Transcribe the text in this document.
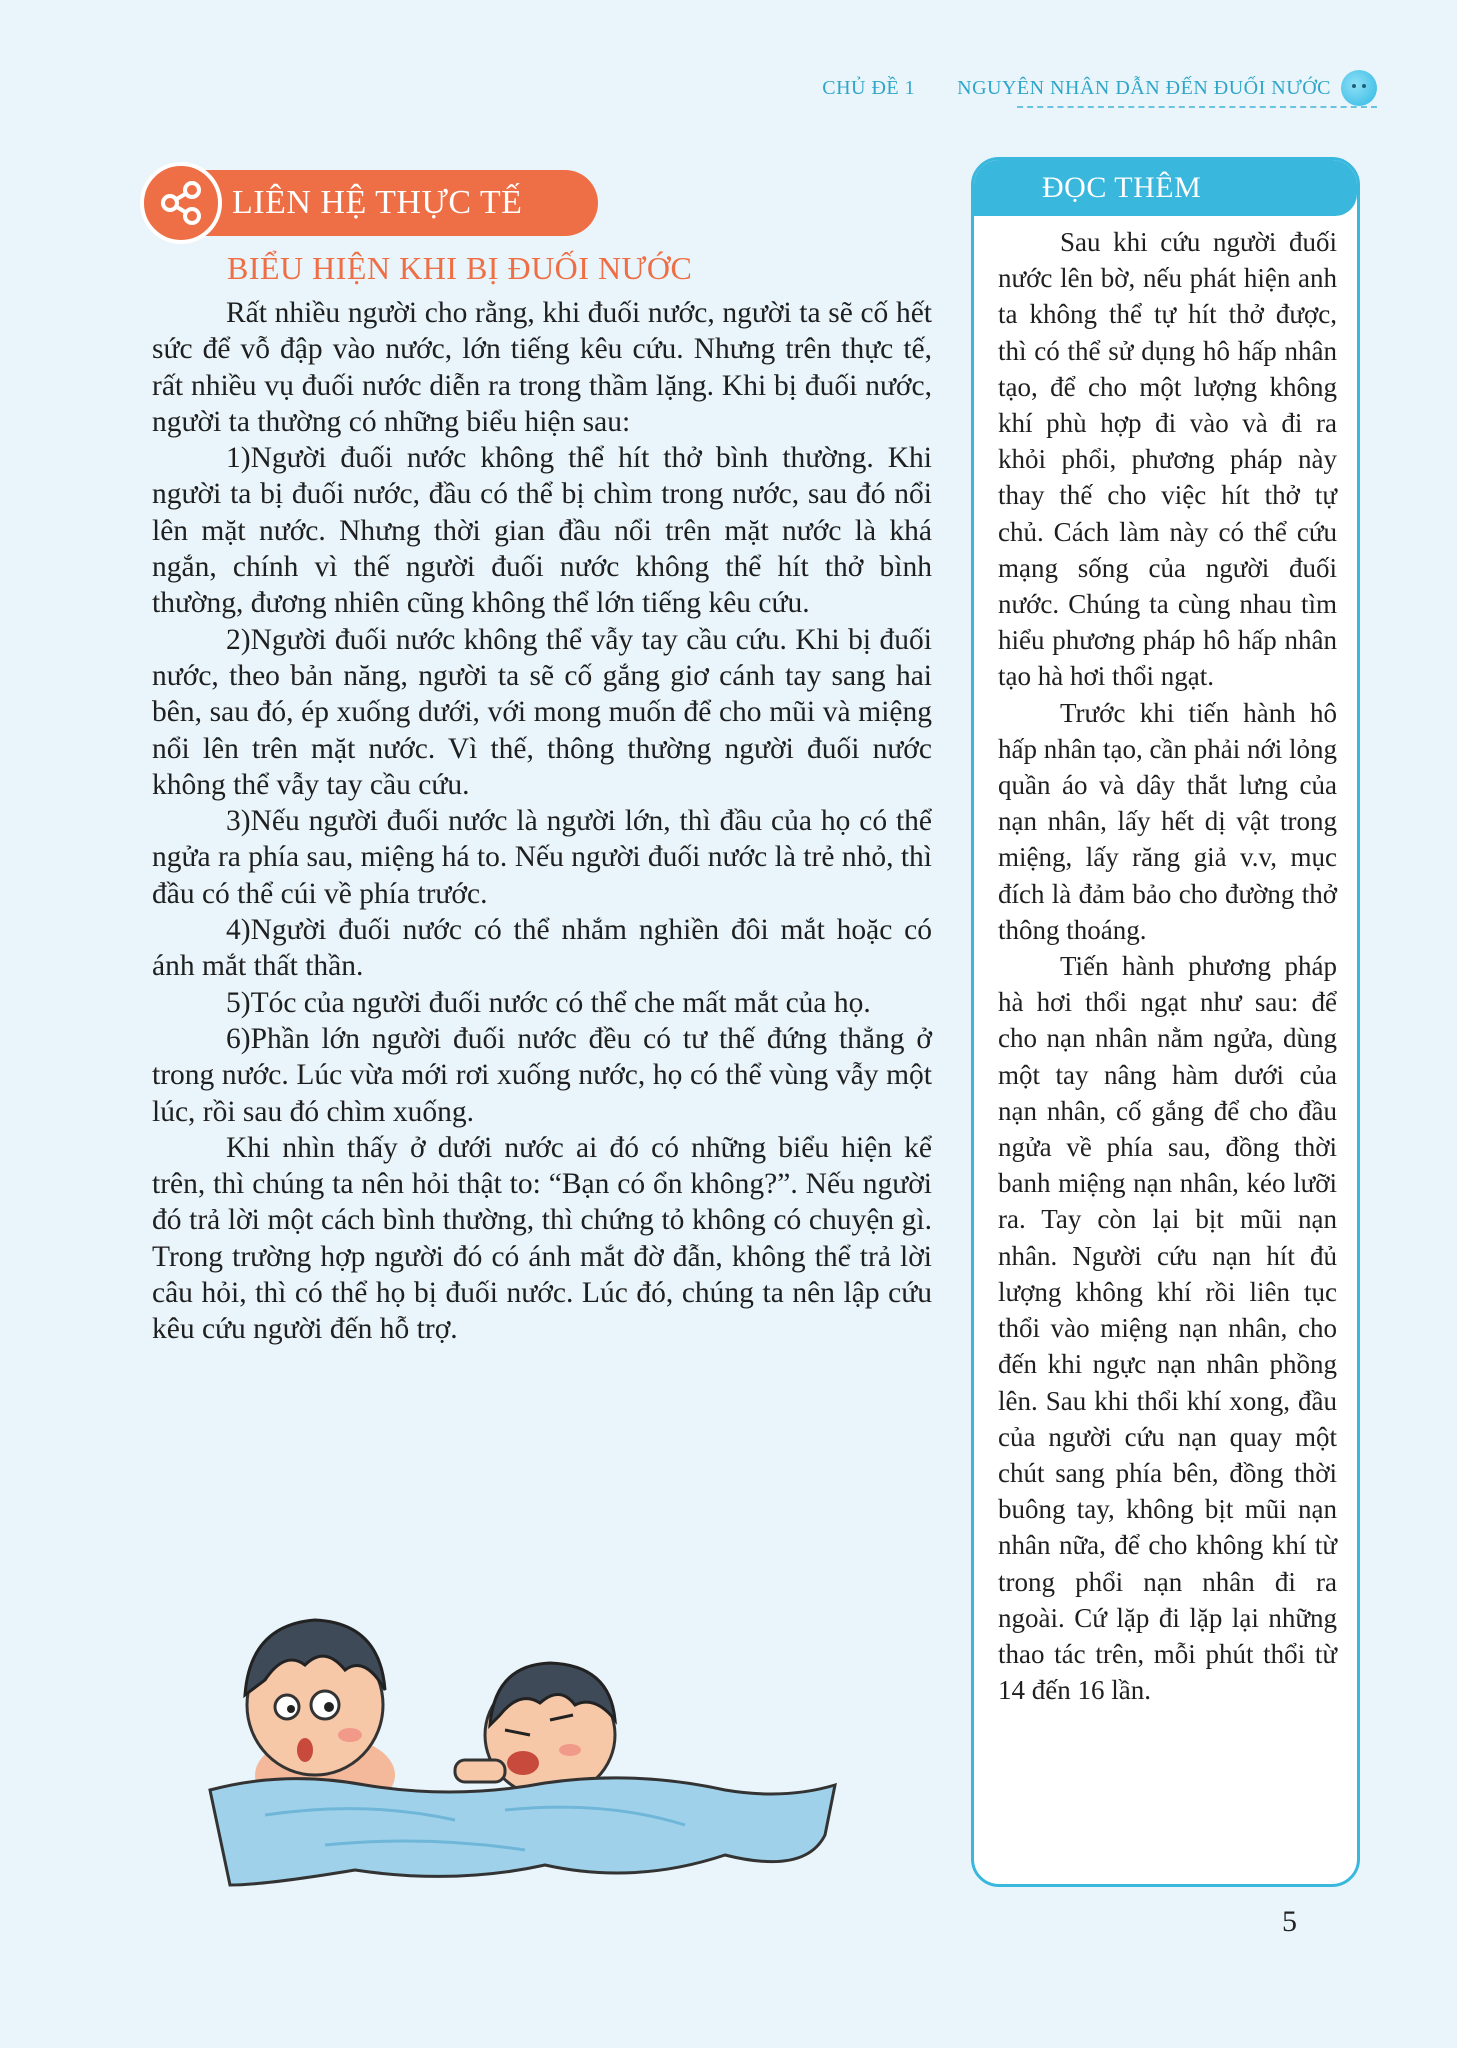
CHỦ ĐỀ 1 NGUYÊN NHÂN DẪN ĐẾN ĐUỐI NƯỚC
LIÊN HỆ THỰC TẾ
BIỂU HIỆN KHI BỊ ĐUỐI NƯỚC

Rất nhiều người cho rằng, khi đuối nước, người ta sẽ cố hết sức để vỗ đập vào nước, lớn tiếng kêu cứu. Nhưng trên thực tế, rất nhiều vụ đuối nước diễn ra trong thầm lặng. Khi bị đuối nước, người ta thường có những biểu hiện sau:

1)Người đuối nước không thể hít thở bình thường. Khi người ta bị đuối nước, đầu có thể bị chìm trong nước, sau đó nổi lên mặt nước. Nhưng thời gian đầu nổi trên mặt nước là khá ngắn, chính vì thế người đuối nước không thể hít thở bình thường, đương nhiên cũng không thể lớn tiếng kêu cứu.

2)Người đuối nước không thể vẫy tay cầu cứu. Khi bị đuối nước, theo bản năng, người ta sẽ cố gắng giơ cánh tay sang hai bên, sau đó, ép xuống dưới, với mong muốn để cho mũi và miệng nổi lên trên mặt nước. Vì thế, thông thường người đuối nước không thể vẫy tay cầu cứu.

3)Nếu người đuối nước là người lớn, thì đầu của họ có thể ngửa ra phía sau, miệng há to. Nếu người đuối nước là trẻ nhỏ, thì đầu có thể cúi về phía trước.

4)Người đuối nước có thể nhắm nghiền đôi mắt hoặc có ánh mắt thất thần.

5)Tóc của người đuối nước có thể che mất mắt của họ.

6)Phần lớn người đuối nước đều có tư thế đứng thẳng ở trong nước. Lúc vừa mới rơi xuống nước, họ có thể vùng vẫy một lúc, rồi sau đó chìm xuống.

Khi nhìn thấy ở dưới nước ai đó có những biểu hiện kể trên, thì chúng ta nên hỏi thật to: “Bạn có ổn không?”. Nếu người đó trả lời một cách bình thường, thì chứng tỏ không có chuyện gì. Trong trường hợp người đó có ánh mắt đờ đẫn, không thể trả lời câu hỏi, thì có thể họ bị đuối nước. Lúc đó, chúng ta nên lập cứu kêu cứu người đến hỗ trợ.

ĐỌC THÊM

Sau khi cứu người đuối nước lên bờ, nếu phát hiện anh ta không thể tự hít thở được, thì có thể sử dụng hô hấp nhân tạo, để cho một lượng không khí phù hợp đi vào và đi ra khỏi phổi, phương pháp này thay thế cho việc hít thở tự chủ. Cách làm này có thể cứu mạng sống của người đuối nước. Chúng ta cùng nhau tìm hiểu phương pháp hô hấp nhân tạo hà hơi thổi ngạt.

Trước khi tiến hành hô hấp nhân tạo, cần phải nới lỏng quần áo và dây thắt lưng của nạn nhân, lấy hết dị vật trong miệng, lấy răng giả v.v, mục đích là đảm bảo cho đường thở thông thoáng.

Tiến hành phương pháp hà hơi thổi ngạt như sau: để cho nạn nhân nằm ngửa, dùng một tay nâng hàm dưới của nạn nhân, cố gắng để cho đầu ngửa về phía sau, đồng thời banh miệng nạn nhân, kéo lưỡi ra. Tay còn lại bịt mũi nạn nhân. Người cứu nạn hít đủ lượng không khí rồi liên tục thổi vào miệng nạn nhân, cho đến khi ngực nạn nhân phồng lên. Sau khi thổi khí xong, đầu của người cứu nạn quay một chút sang phía bên, đồng thời buông tay, không bịt mũi nạn nhân nữa, để cho không khí từ trong phổi nạn nhân đi ra ngoài. Cứ lặp đi lặp lại những thao tác trên, mỗi phút thổi từ 14 đến 16 lần.

5
